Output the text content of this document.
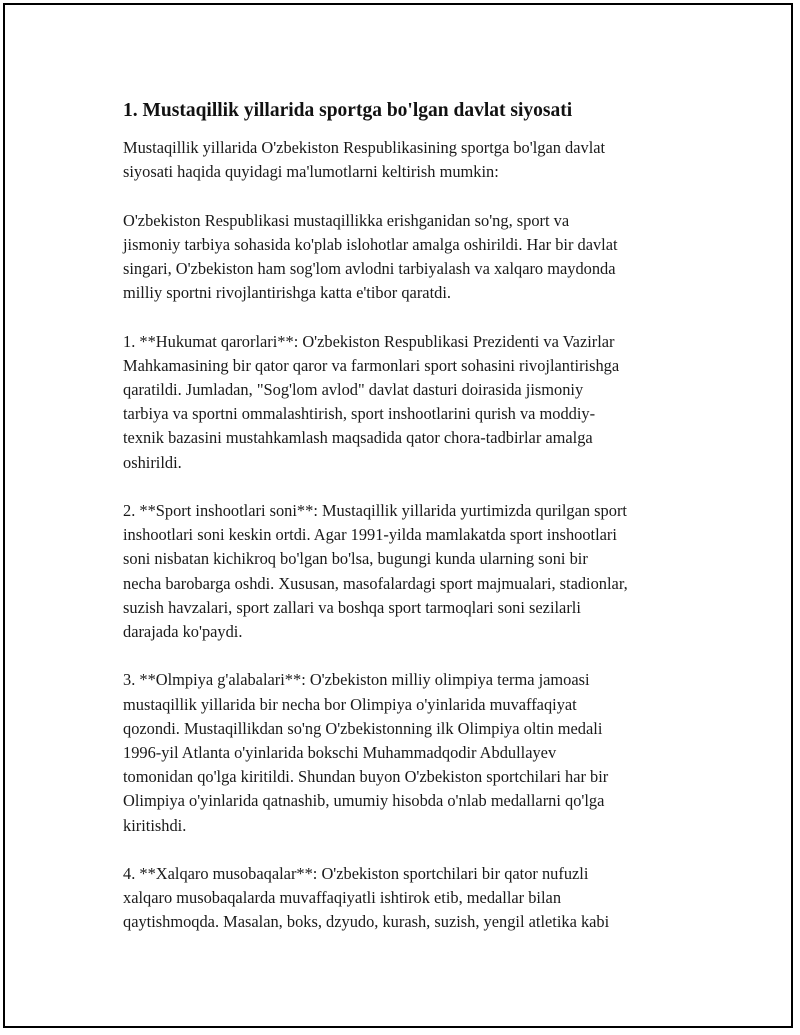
1. Mustaqillik yillarida sportga bo'lgan davlat siyosati
Mustaqillik yillarida O'zbekiston Respublikasining sportga bo'lgan davlat
siyosati haqida quyidagi ma'lumotlarni keltirish mumkin:
O'zbekiston Respublikasi mustaqillikka erishganidan so'ng, sport va
jismoniy tarbiya sohasida ko'plab islohotlar amalga oshirildi. Har bir davlat
singari, O'zbekiston ham sog'lom avlodni tarbiyalash va xalqaro maydonda
milliy sportni rivojlantirishga katta e'tibor qaratdi.
1. **Hukumat qarorlari**: O'zbekiston Respublikasi Prezidenti va Vazirlar
Mahkamasining bir qator qaror va farmonlari sport sohasini rivojlantirishga
qaratildi. Jumladan, "Sog'lom avlod" davlat dasturi doirasida jismoniy
tarbiya va sportni ommalashtirish, sport inshootlarini qurish va moddiy-
texnik bazasini mustahkamlash maqsadida qator chora-tadbirlar amalga
oshirildi.
2. **Sport inshootlari soni**: Mustaqillik yillarida yurtimizda qurilgan sport
inshootlari soni keskin ortdi. Agar 1991-yilda mamlakatda sport inshootlari
soni nisbatan kichikroq bo'lgan bo'lsa, bugungi kunda ularning soni bir
necha barobarga oshdi. Xususan, masofalardagi sport majmualari, stadionlar,
suzish havzalari, sport zallari va boshqa sport tarmoqlari soni sezilarli
darajada ko'paydi.
3. **Olmpiya g'alabalari**: O'zbekiston milliy olimpiya terma jamoasi
mustaqillik yillarida bir necha bor Olimpiya o'yinlarida muvaffaqiyat
qozondi. Mustaqillikdan so'ng O'zbekistonning ilk Olimpiya oltin medali
1996-yil Atlanta o'yinlarida bokschi Muhammadqodir Abdullayev
tomonidan qo'lga kiritildi. Shundan buyon O'zbekiston sportchilari har bir
Olimpiya o'yinlarida qatnashib, umumiy hisobda o'nlab medallarni qo'lga
kiritishdi.
4. **Xalqaro musobaqalar**: O'zbekiston sportchilari bir qator nufuzli
xalqaro musobaqalarda muvaffaqiyatli ishtirok etib, medallar bilan
qaytishmoqda. Masalan, boks, dzyudo, kurash, suzish, yengil atletika kabi
